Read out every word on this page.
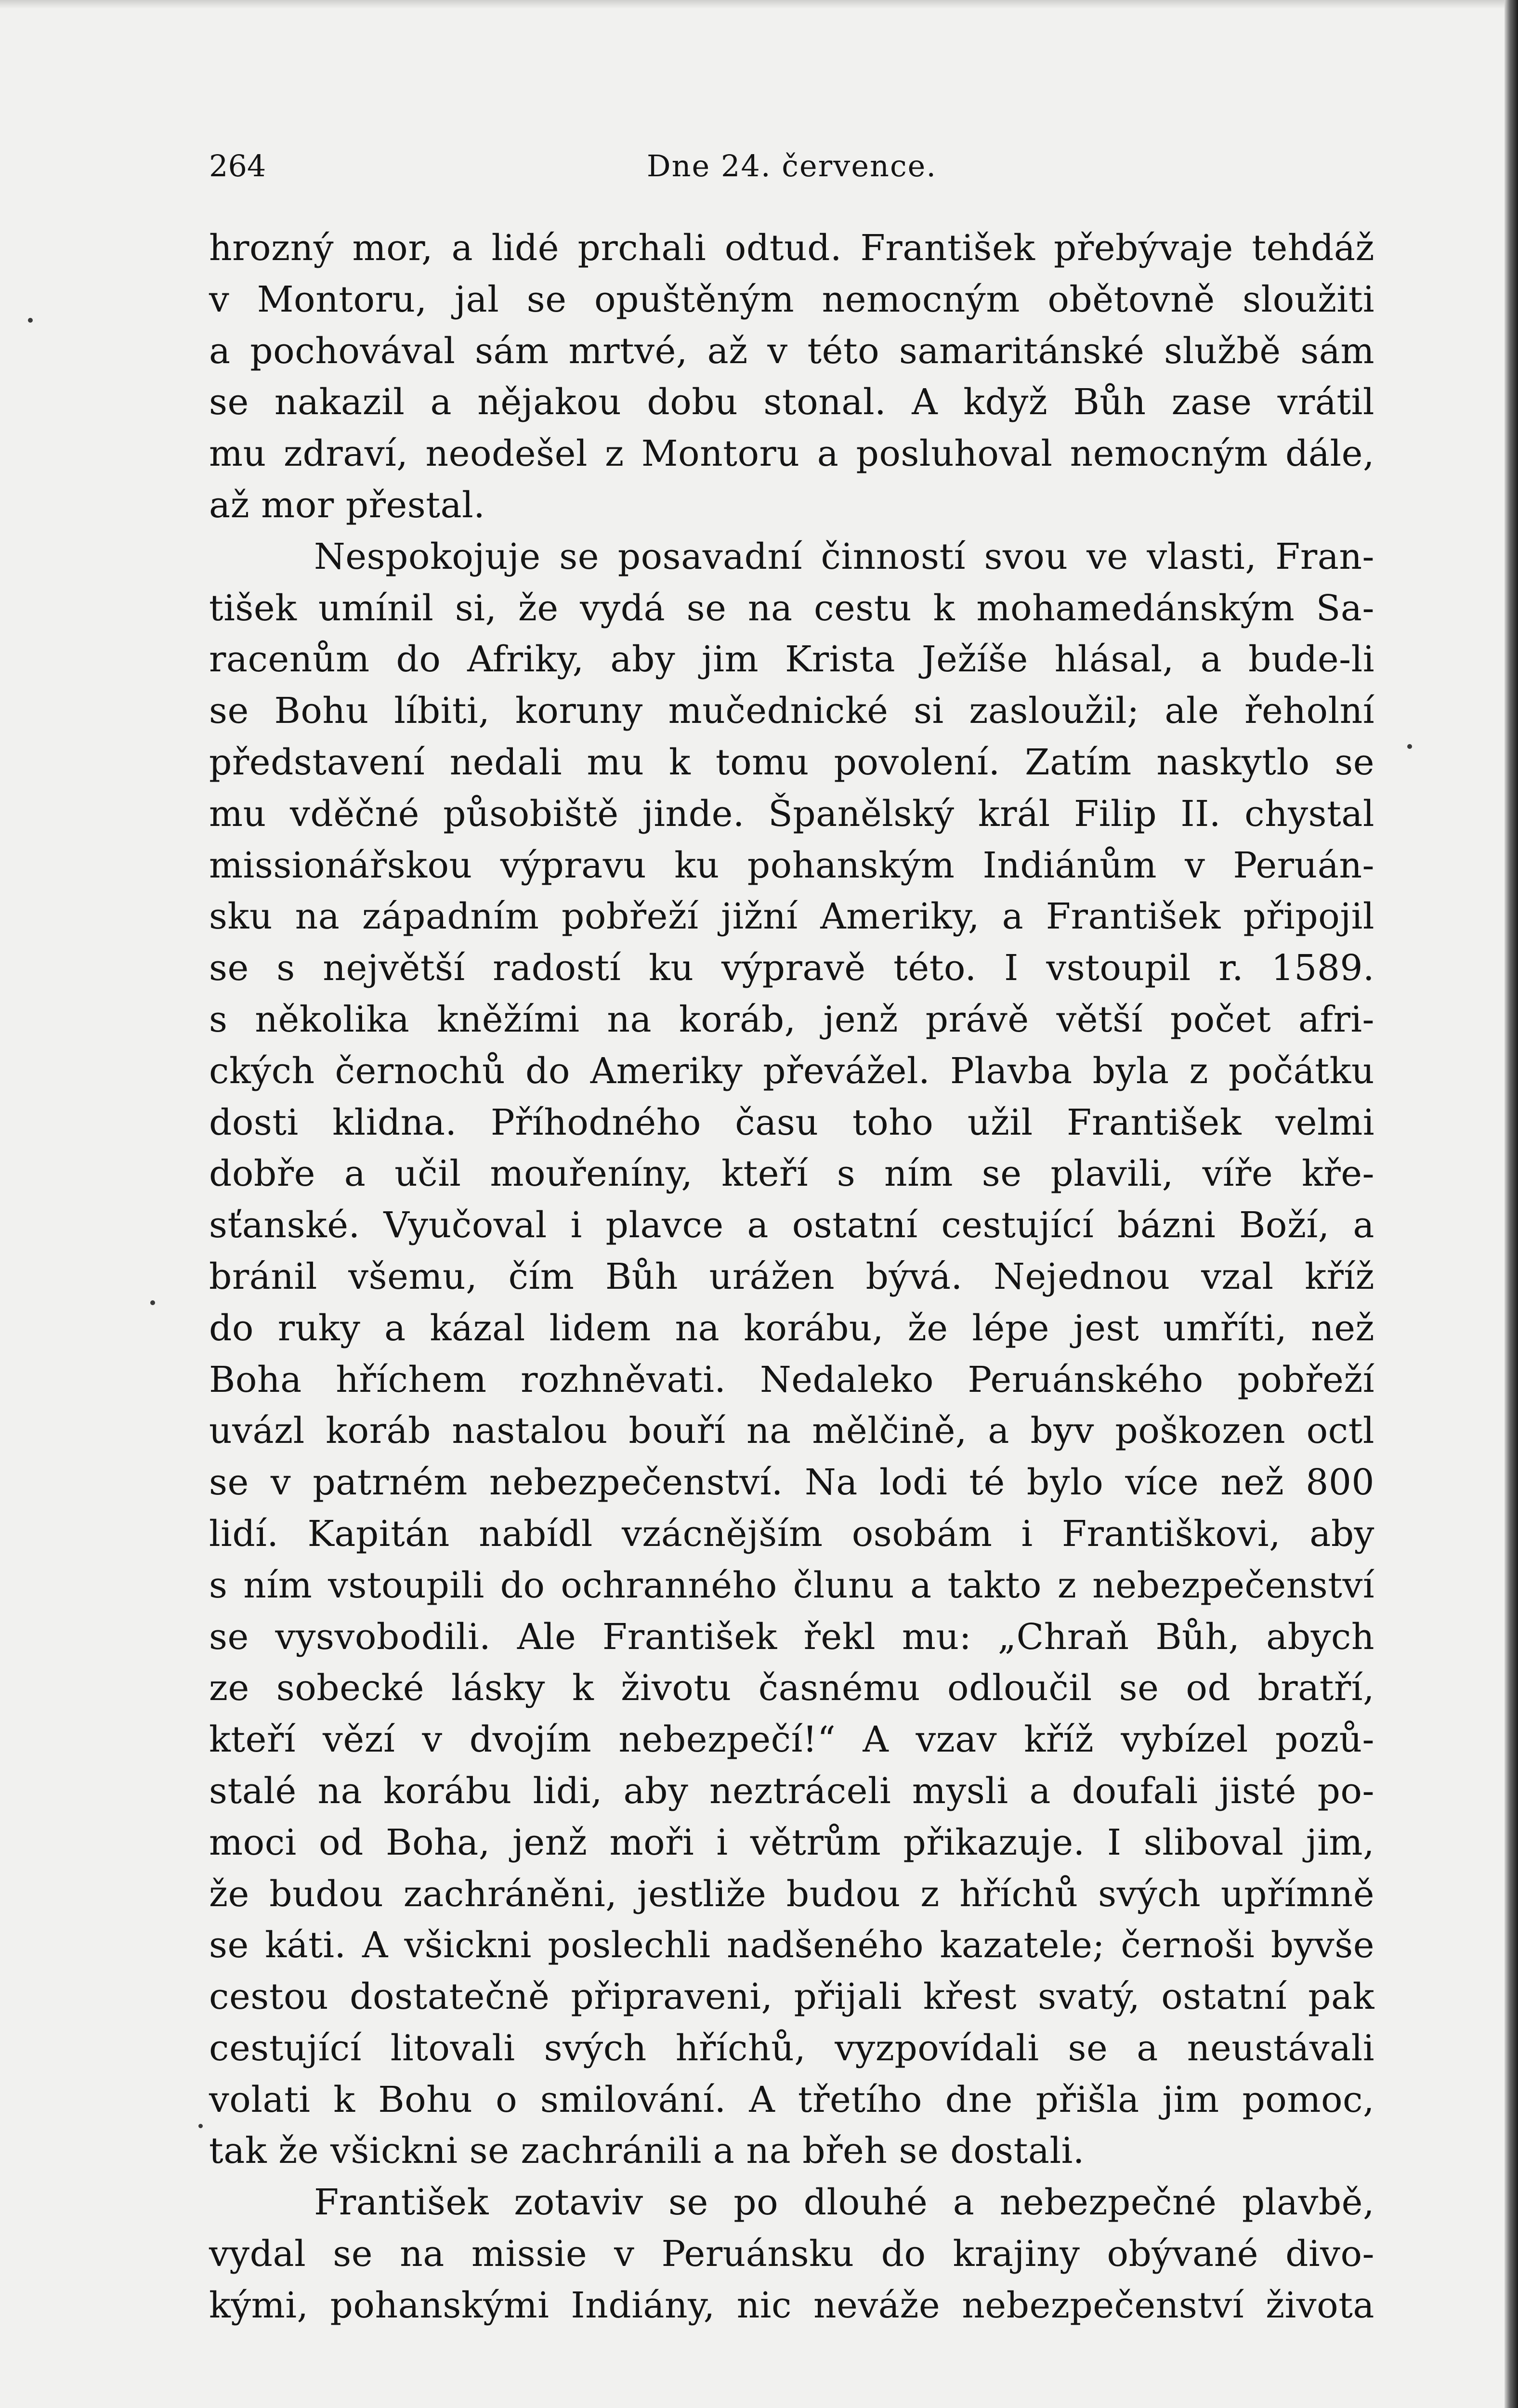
264	Dne 24. července.
hrozný mor, a lidé prchali odtud. František přebývaje tehdáž
v Montoru, jal se opuštěným nemocným obětovně sloužiti
a pochovával sám mrtvé, až v této samaritánské službě sám
se nakazil a nějakou dobu stonal. A když Bůh zase vrátil
mu zdraví, neodešel z Montoru a posluhoval nemocným dále,
až mor přestal.
Nespokojuje se posavadní činností svou ve vlasti, Fran-
tišek umínil si, že vydá se na cestu k mohamedánským Sa-
racenům do Afriky, aby jim Krista Ježíše hlásal, a bude-li
se Bohu líbiti, koruny mučednické si zasloužil; ale řeholní
představení nedali mu k tomu povolení. Zatím naskytlo se
mu vděčné působiště jinde. Španělský král Filip II. chystal
missionářskou výpravu ku pohanským Indiánům v Peruán-
sku na západním pobřeží jižní Ameriky, a František připojil
se s největší radostí ku výpravě této. I vstoupil r. 1589.
s několika kněžími na koráb, jenž právě větší počet afri-
ckých černochů do Ameriky převážel. Plavba byla z počátku
dosti klidna. Příhodného času toho užil František velmi
dobře a učil mouřeníny, kteří s ním se plavili, víře kře-
sťanské. Vyučoval i plavce a ostatní cestující bázni Boží, a
bránil všemu, čím Bůh urážen bývá. Nejednou vzal kříž
do ruky a kázal lidem na korábu, že lépe jest umříti, než
Boha hříchem rozhněvati. Nedaleko Peruánského pobřeží
uvázl koráb nastalou bouří na mělčině, a byv poškozen octl
se v patrném nebezpečenství. Na lodi té bylo více než 800
lidí. Kapitán nabídl vzácnějším osobám i Františkovi, aby
s ním vstoupili do ochranného člunu a takto z nebezpečenství
se vysvobodili. Ale František řekl mu: „Chraň Bůh, abych
ze sobecké lásky k životu časnému odloučil se od bratří,
kteří vězí v dvojím nebezpečí!“ A vzav kříž vybízel pozů-
stalé na korábu lidi, aby neztráceli mysli a doufali jisté po-
moci od Boha, jenž moři i větrům přikazuje. I sliboval jim,
že budou zachráněni, jestliže budou z hříchů svých upřímně
se káti. A všickni poslechli nadšeného kazatele; černoši byvše
cestou dostatečně připraveni, přijali křest svatý, ostatní pak
cestující litovali svých hříchů, vyzpovídali se a neustávali
volati k Bohu o smilování. A třetího dne přišla jim pomoc,
tak že všickni se zachránili a na břeh se dostali.
František zotaviv se po dlouhé a nebezpečné plavbě,
vydal se na missie v Peruánsku do krajiny obývané divo-
kými, pohanskými Indiány, nic neváže nebezpečenství života
